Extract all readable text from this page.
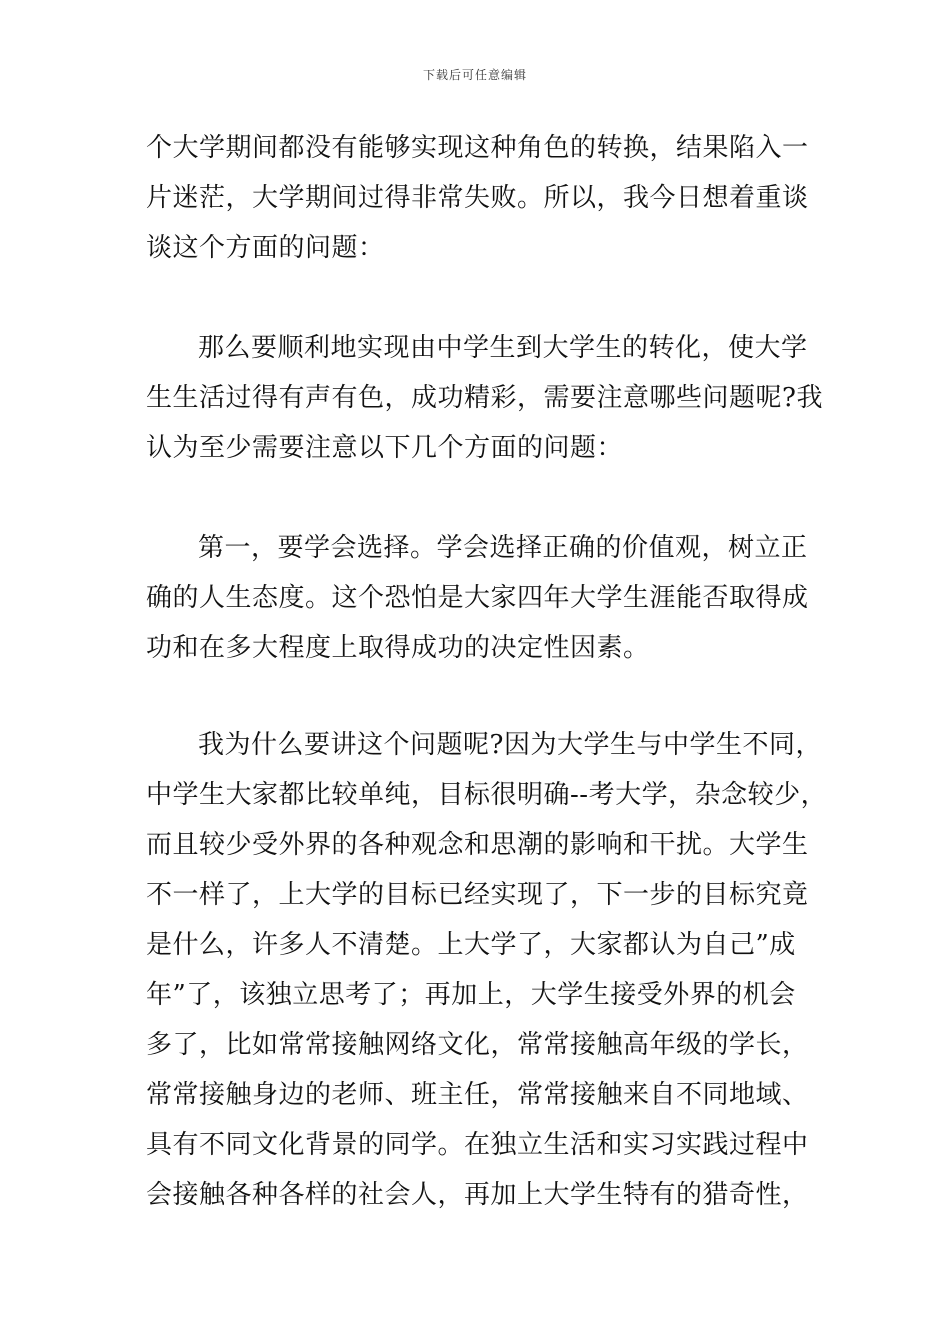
下载后可任意编辑
个大学期间都没有能够实现这种角色的转换，结果陷入一
片迷茫，大学期间过得非常失败。所以，我今日想着重谈
谈这个方面的问题：
那么要顺利地实现由中学生到大学生的转化，使大学
生生活过得有声有色，成功精彩，需要注意哪些问题呢?我
认为至少需要注意以下几个方面的问题：
第一，要学会选择。学会选择正确的价值观，树立正
确的人生态度。这个恐怕是大家四年大学生涯能否取得成
功和在多大程度上取得成功的决定性因素。
我为什么要讲这个问题呢?因为大学生与中学生不同，
中学生大家都比较单纯，目标很明确--考大学，杂念较少，
而且较少受外界的各种观念和思潮的影响和干扰。大学生
不一样了，上大学的目标已经实现了，下一步的目标究竟
是什么，许多人不清楚。上大学了，大家都认为自己”成
年”了，该独立思考了；再加上，大学生接受外界的机会
多了，比如常常接触网络文化，常常接触高年级的学长，
常常接触身边的老师、班主任，常常接触来自不同地域、
具有不同文化背景的同学。在独立生活和实习实践过程中
会接触各种各样的社会人，再加上大学生特有的猎奇性，
